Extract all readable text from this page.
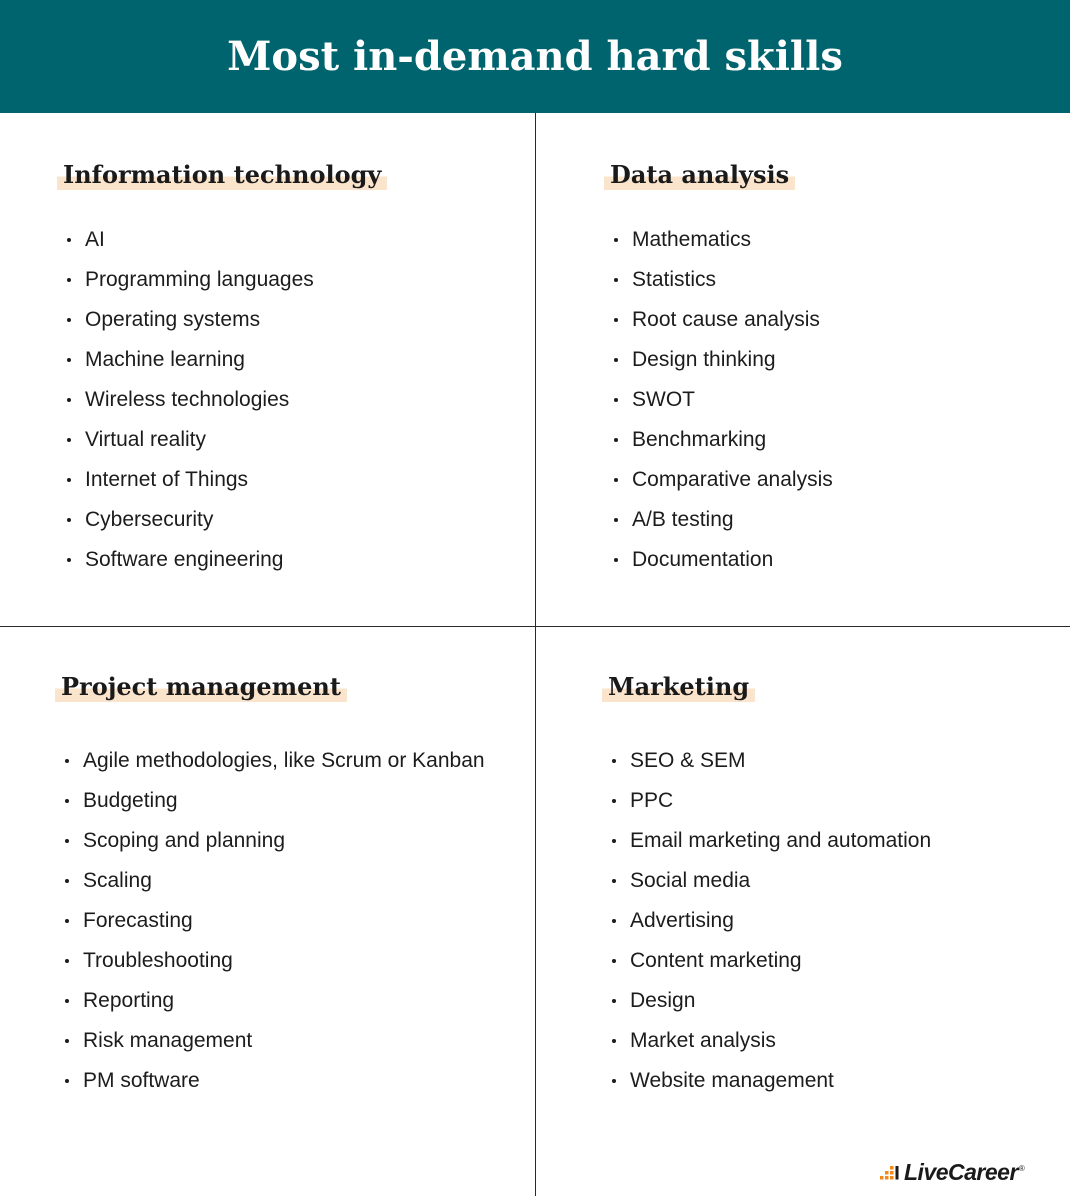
Most in-demand hard skills
Information technology
AI
Programming languages
Operating systems
Machine learning
Wireless technologies
Virtual reality
Internet of Things
Cybersecurity
Software engineering
Data analysis
Mathematics
Statistics
Root cause analysis
Design thinking
SWOT
Benchmarking
Comparative analysis
A/B testing
Documentation
Project management
Agile methodologies, like Scrum or Kanban
Budgeting
Scoping and planning
Scaling
Forecasting
Troubleshooting
Reporting
Risk management
PM software
Marketing
SEO & SEM
PPC
Email marketing and automation
Social media
Advertising
Content marketing
Design
Market analysis
Website management
LiveCareer ®
